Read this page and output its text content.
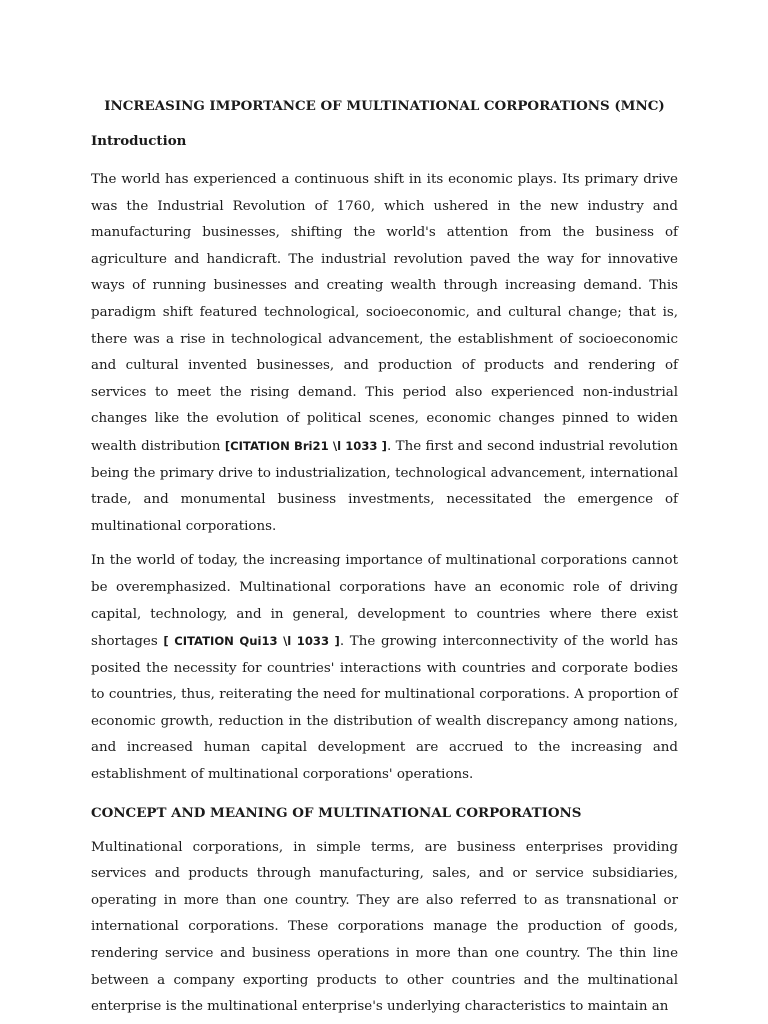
INCREASING IMPORTANCE OF MULTINATIONAL CORPORATIONS (MNC)
Introduction

The world has experienced a continuous shift in its economic plays. Its primary drive was the Industrial Revolution of 1760, which ushered in the new industry and manufacturing businesses, shifting the world's attention from the business of agriculture and handicraft. The industrial revolution paved the way for innovative ways of running businesses and creating wealth through increasing demand. This paradigm shift featured technological, socioeconomic, and cultural change; that is, there was a rise in technological advancement, the establishment of socioeconomic and cultural invented businesses, and production of products and rendering of services to meet the rising demand. This period also experienced non-industrial changes like the evolution of political scenes, economic changes pinned to widen wealth distribution [CITATION Bri21 \l 1033 ]. The first and second industrial revolution being the primary drive to industrialization, technological advancement, international trade, and monumental business investments, necessitated the emergence of multinational corporations.

In the world of today, the increasing importance of multinational corporations cannot be overemphasized. Multinational corporations have an economic role of driving capital, technology, and in general, development to countries where there exist shortages [ CITATION Qui13 \l 1033 ]. The growing interconnectivity of the world has posited the necessity for countries' interactions with countries and corporate bodies to countries, thus, reiterating the need for multinational corporations. A proportion of economic growth, reduction in the distribution of wealth discrepancy among nations, and increased human capital development are accrued to the increasing and establishment of multinational corporations' operations.

CONCEPT AND MEANING OF MULTINATIONAL CORPORATIONS

Multinational corporations, in simple terms, are business enterprises providing services and products through manufacturing, sales, and or service subsidiaries, operating in more than one country. They are also referred to as transnational or international corporations. These corporations manage the production of goods, rendering service and business operations in more than one country. The thin line between a company exporting products to other countries and the multinational enterprise is the multinational enterprise's underlying characteristics to maintain an
